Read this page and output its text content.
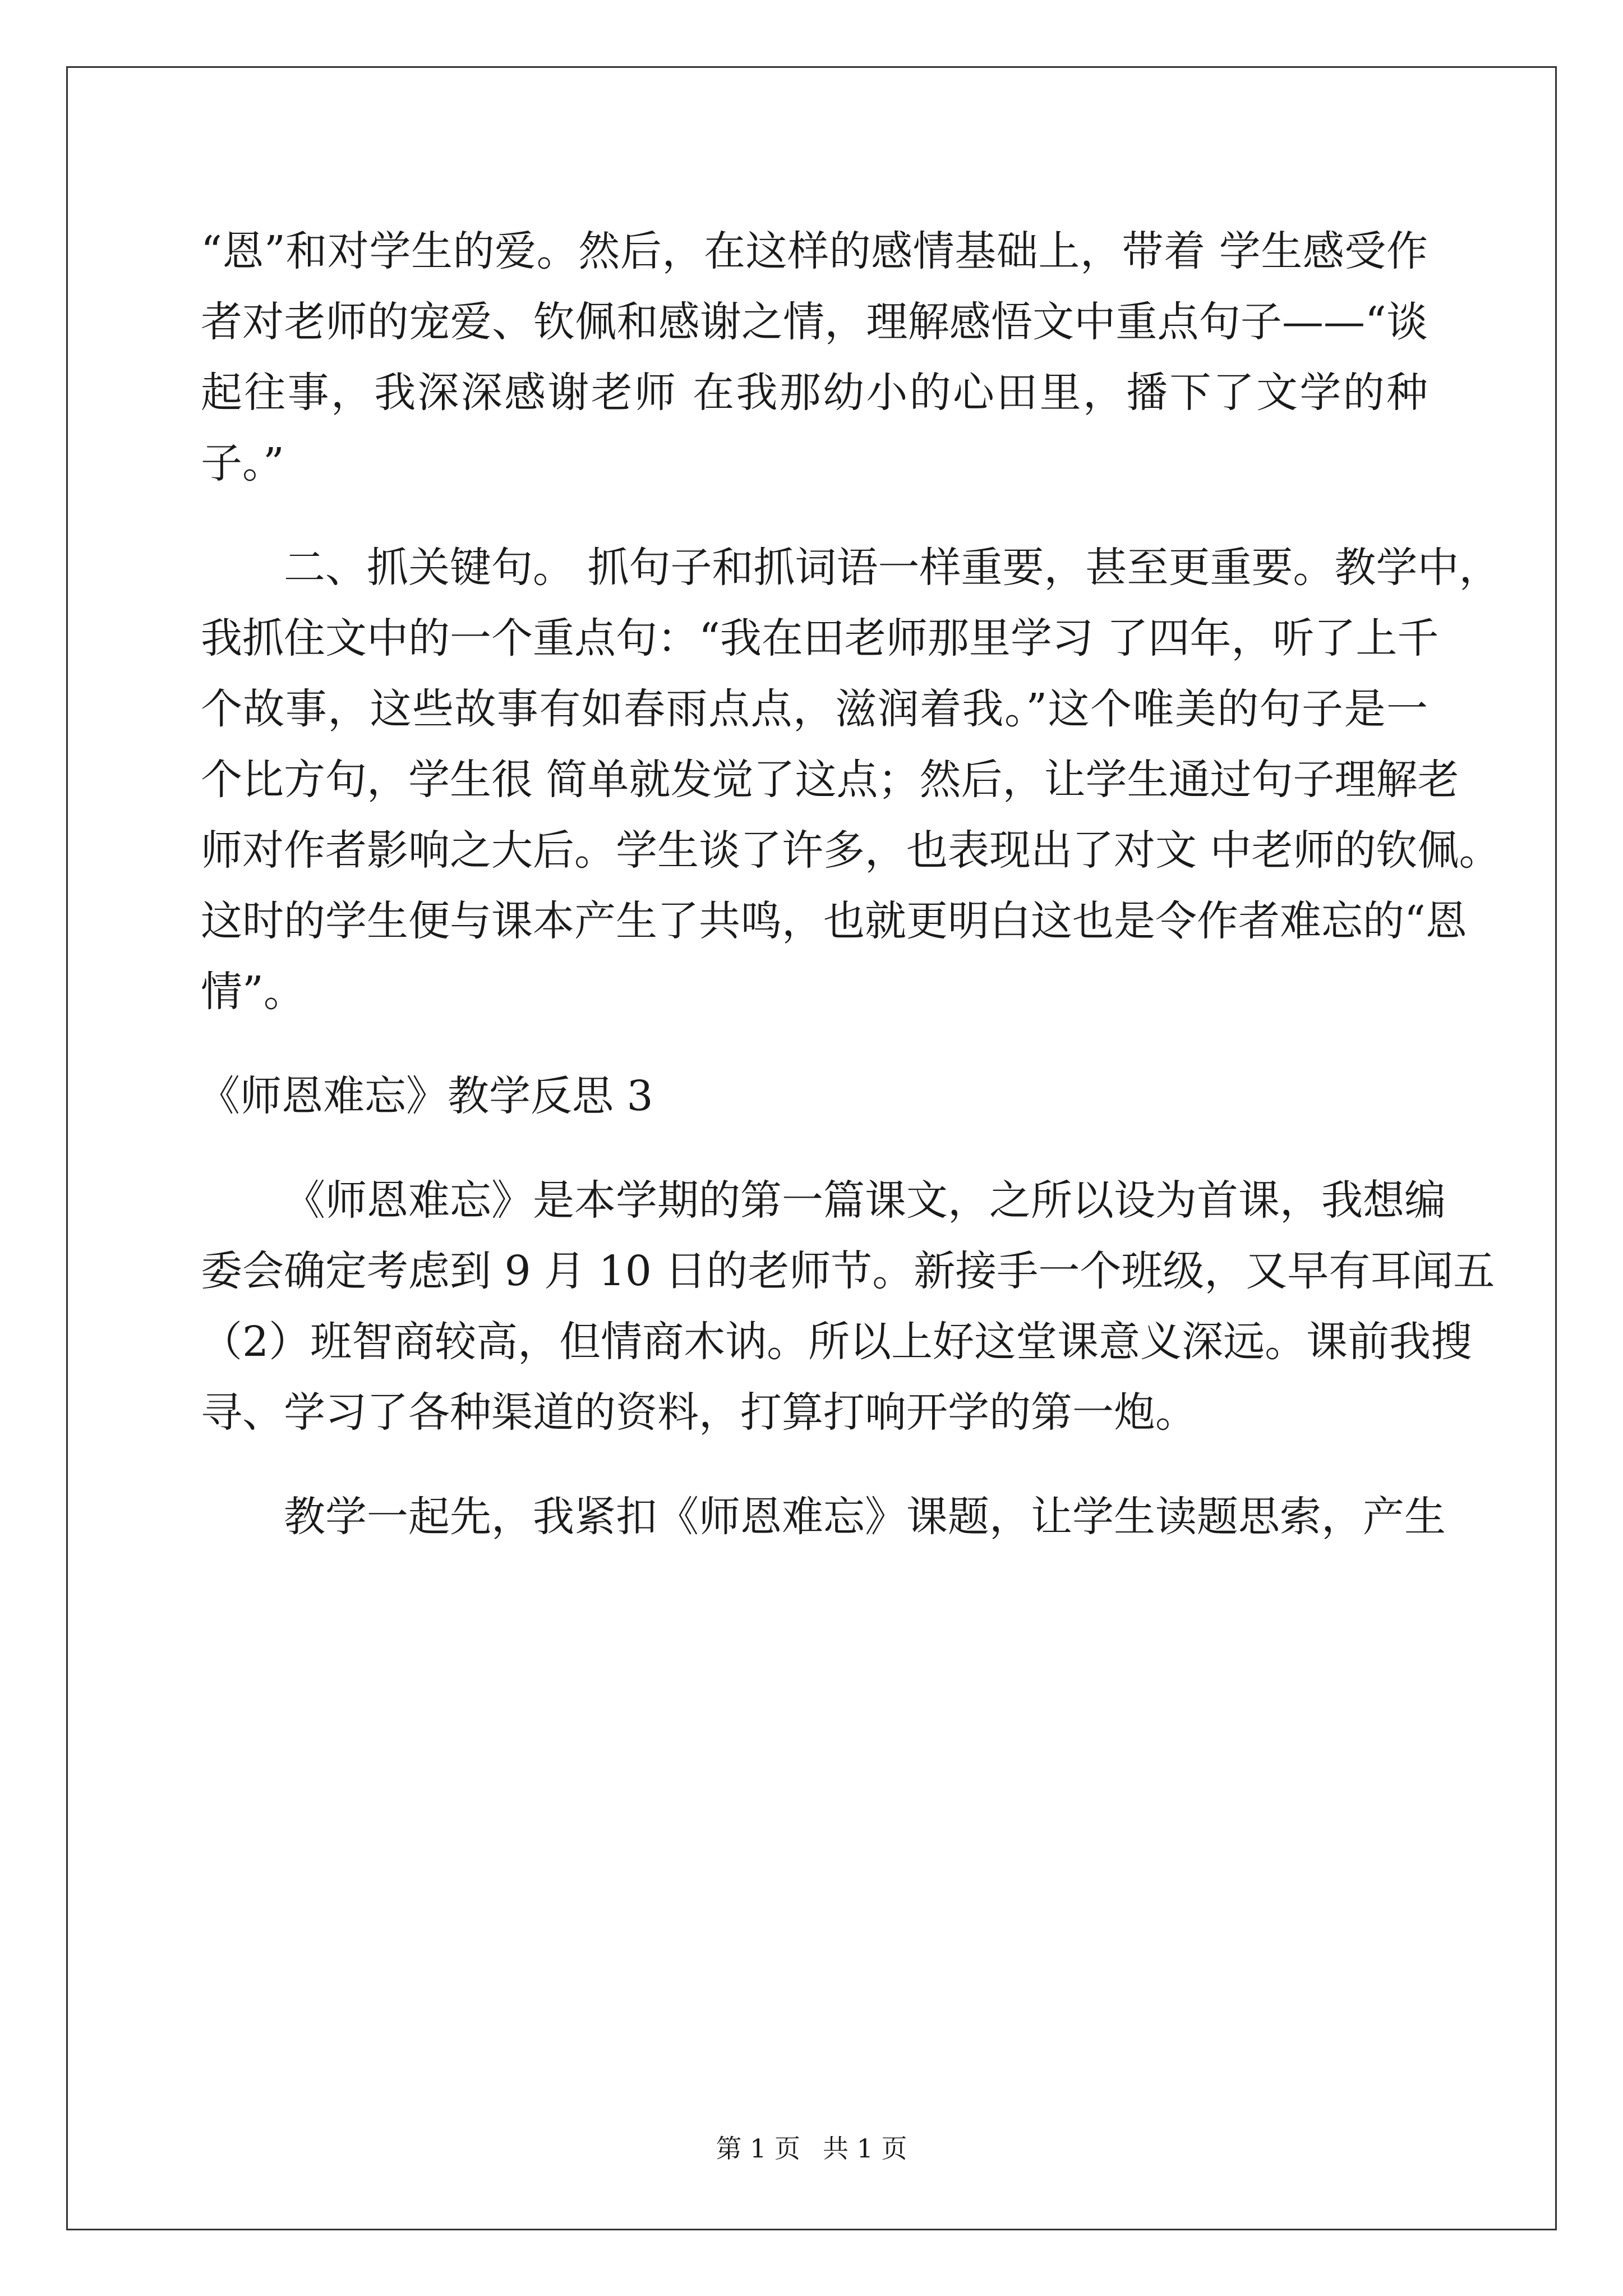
“恩”和对学生的爱。然后，在这样的感情基础上，带着 学生感受作
者对老师的宠爱、钦佩和感谢之情，理解感悟文中重点句子——“谈
起往事，我深深感谢老师 在我那幼小的心田里，播下了文学的种
子。”
二、抓关键句。 抓句子和抓词语一样重要，甚至更重要。教学中，
我抓住文中的一个重点句：“我在田老师那里学习 了四年，听了上千
个故事，这些故事有如春雨点点，滋润着我。”这个唯美的句子是一
个比方句，学生很 简单就发觉了这点；然后，让学生通过句子理解老
师对作者影响之大后。学生谈了许多，也表现出了对文 中老师的钦佩。
这时的学生便与课本产生了共鸣，也就更明白这也是令作者难忘的“恩
情”。
《师恩难忘》教学反思 3
《师恩难忘》是本学期的第一篇课文，之所以设为首课，我想编
委会确定考虑到 9 月 10 日的老师节。新接手一个班级，又早有耳闻五
（2）班智商较高，但情商木讷。所以上好这堂课意义深远。课前我搜
寻、学习了各种渠道的资料，打算打响开学的第一炮。
教学一起先，我紧扣《师恩难忘》课题，让学生读题思索，产生
第 1 页 共 1 页
